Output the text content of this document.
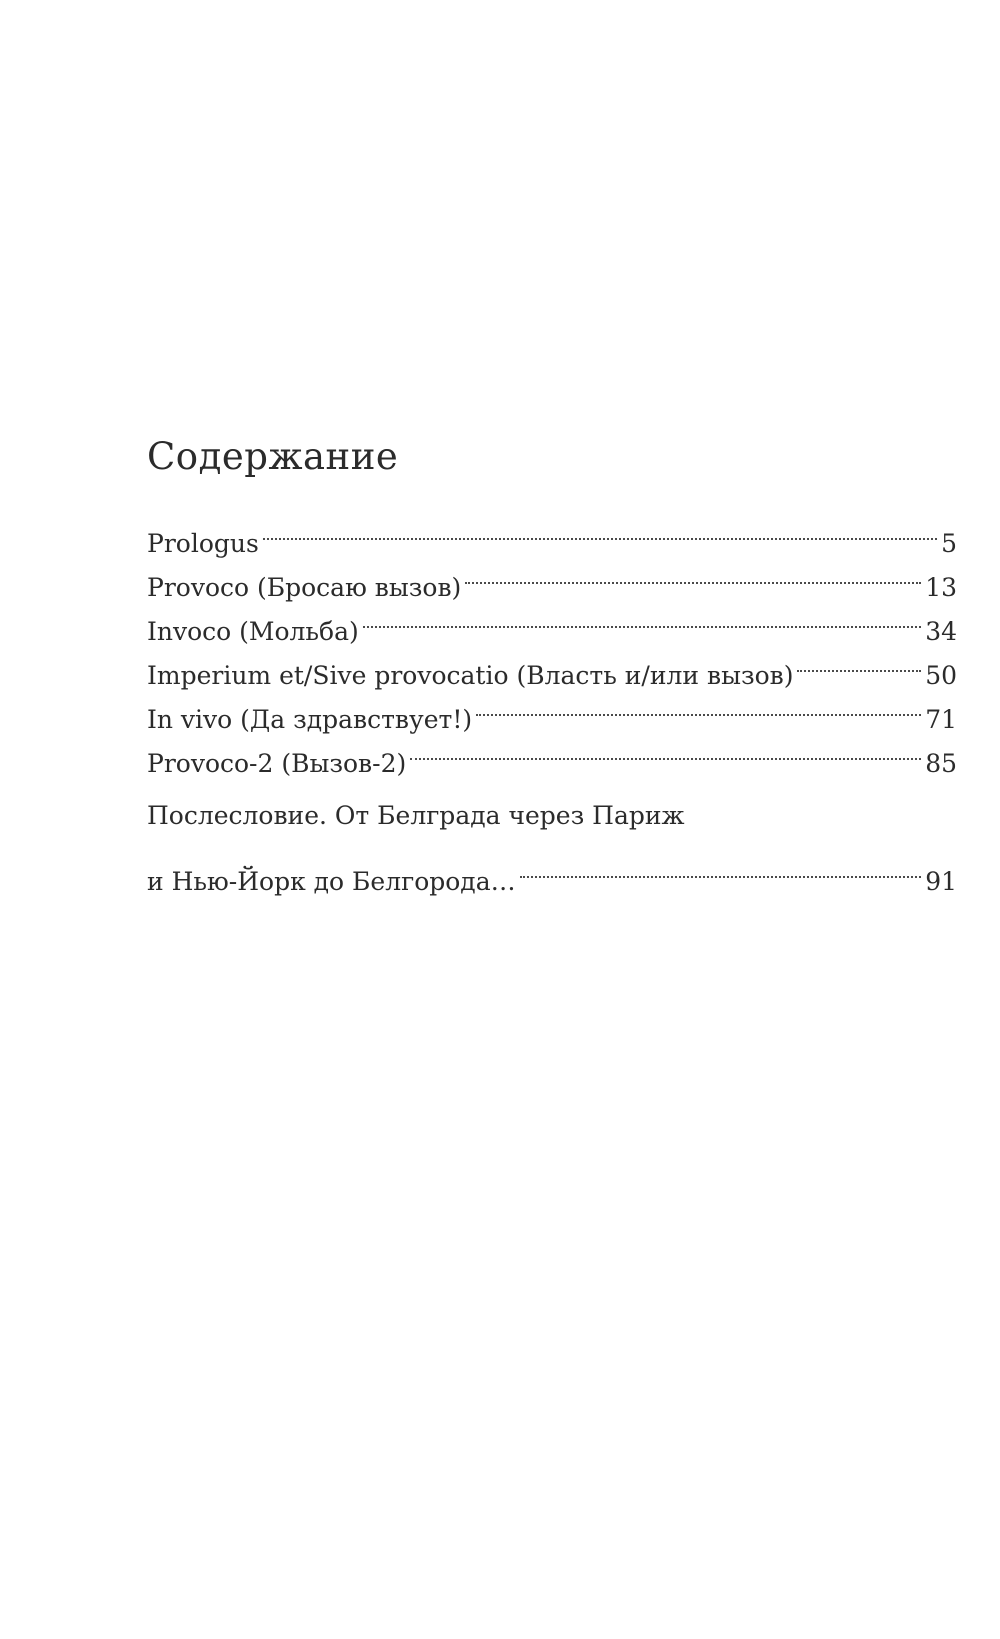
Содержание
Prologus	5
Provoco (Бросаю вызов)	13
Invoco (Мольба)	34
Imperium et/Sive provocatio (Власть и/или вызов)	50
In vivo (Да здравствует!)	71
Provoco-2 (Вызов-2)	85
Послесловие. От Белграда через Париж
и Нью-Йорк до Белгорода…	91
